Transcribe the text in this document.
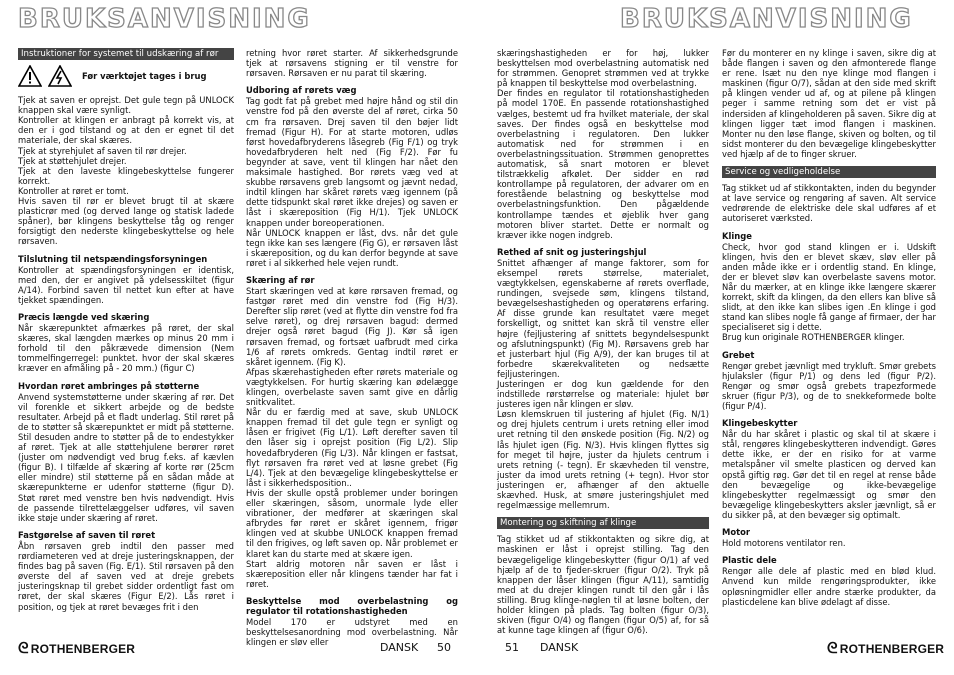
BRUKSANVISNING	BRUKSANVISNING
Instruktioner for systemet til udskæring af rør
Før værktøjet tages i brug

Tjek at saven er oprejst. Det gule tegn på UNLOCK knappen skal være synligt.
Kontroller at klingen er anbragt på korrekt vis, at den er i god tilstand og at den er egnet til det materiale, der skal skæres.
Tjek at styrehjulet af saven til rør drejer.
Tjek at støttehjulet drejer.
Tjek at den laveste klingebeskyttelse fungerer korrekt.
Kontroller at røret er tomt.
Hvis saven til rør er blevet brugt til at skære plasticrør med (og derved lange og statisk ladede spåner), bør klingens beskyttelse tåg og renger forsigtigt den nederste klingebeskyttelse og hele rørsaven.

Tilslutning til netspændingsforsyningen

Kontroller at spændingsforsyningen er identisk, med den, der er angivet på ydelsesskiltet (figur A/14). Forbind saven til nettet kun efter at have tjekket spændingen.

Præcis længde ved skæring

Når skærepunktet afmærkes på røret, der skal skæres, skal længden mærkes op minus 20 mm i forhold til den påkrævede dimension (Nem tommelfingerregel: punktet. hvor der skal skæres kræver en afmåling på - 20 mm.) (figur C)

Hvordan røret ambringes på støtterne

Anvend systemstøtterne under skæring af rør. Det vil forenkle et sikkert arbejde og de bedste resultater. Arbejd på et fladt underlag. Stil røret på de to støtter så skærepunktet er midt på støtterne. Stil desuden andre to støtter på de to endestykker af røret. Tjek at alle støttehjulene berører røret (juster om nødvendigt ved brug f.eks. af kævlen (figur B). I tilfælde af skæring af korte rør (25cm eller mindre) stil støtterne på en sådan måde at skærepunkterne er udenfor støtterne (figur D). Støt røret med venstre ben hvis nødvendigt. Hvis de passende tilrettelæggelser udføres, vil saven ikke støje under skæring af røret.

Fastgørelse af saven til røret

Åbn rørsaven greb indtil den passer med rørdiameteren ved at dreje justeringsknappen, der findes bag på saven (Fig. E/1). Stil rørsaven på den øverste del af saven ved at dreje grebets justeringsknap til grebet sidder ordentligt fast om røret, der skal skæres (Figur E/2). Lås røret i position, og tjek at røret bevæges frit i den

retning hvor røret starter. Af sikkerhedsgrunde tjek at rørsavens stigning er til venstre for rørsaven. Rørsaven er nu parat til skæring.

Udboring af rørets væg

Tag godt fat på grebet med højre hånd og stil din venstre fod på den øverste del af røret, cirka 50 cm fra rørsaven. Drej saven til den bøjer lidt fremad (Figur H). For at starte motoren, udløs først hovedafbryderens låsegreb (Fig F/1) og tryk hovedafbryderen helt ned (Fig F/2). Før fu begynder at save, vent til klingen har nået den maksimale hastighed. Bor rørets væg ved at skubbe rørsavens greb langsomt og jævnt nedad, indtil klingen har skåret rørets væg igennem (på dette tidspunkt skal røret ikke drejes) og saven er låst i skæreposition (Fig H/1). Tjek UNLOCK knappen under boreoperationen.
Når UNLOCK knappen er låst, dvs. når det gule tegn ikke kan ses længere (Fig G), er rørsaven låst i skæreposition, og du kan derfor begynde at save røret i al sikkerhed hele vejen rundt.

Skæring af rør

Start skæringen ved at køre rørsaven fremad, og fastgør røret med din venstre fod (Fig H/3). Derefter slip røret (ved at flytte din venstre fod fra selve røret), og drej rørsaven bagud: dermed drejer også røret bagud (Fig J). Kør så igen rørsaven fremad, og fortsæt uafbrudt med cirka 1/6 af rørets omkreds. Gentag indtil røret er skåret igennem. (Fig K).
Afpas skærehastigheden efter rørets materiale og vægtykkelsen. For hurtig skæring kan ødelægge klingen, overbelaste saven samt give en dårlig snitkvalitet.
Når du er færdig med at save, skub UNLOCK knappen fremad til det gule tegn er synligt og låsen er frigivet (Fig L/1). Løft derefter saven til den låser sig i oprejst position (Fig L/2). Slip hovedafbryderen (Fig L/3). Når klingen er fastsat, flyt rørsaven fra røret ved at løsne grebet (Fig L/4). Tjek at den bevægelige klingebeskyttelse er låst i sikkerhedsposition..
Hvis der skulle opstå problemer under boringen eller skæringen, såsom, unormale lyde eller vibrationer, der medfører at skæringen skal afbrydes før røret er skåret igennem, frigør klingen ved at skubbe UNLOCK knappen fremad til den frigives, og løft saven op. Når problemet er klaret kan du starte med at skære igen.
Start aldrig motoren når saven er låst i skæreposition eller når klingens tænder har fat i røret.

Beskyttelse mod overbelastning og regulator til rotationshastigheden

Model 170 er udstyret med en beskyttelsesanordning mod overbelastning. Når klingen er sløv eller

skæringshastigheden er for høj, lukker beskyttelsen mod overbelastning automatisk ned for strømmen. Genopret strømmen ved at trykke på knappen til beskyttelse mod overbelastning.
Der findes en regulator til rotationshastigheden på model 170E. En passende rotationshastighed vælges, bestemt ud fra hvilket materiale, der skal saves. Der findes også en beskyttelse mod overbelastning i regulatoren. Den lukker automatisk ned for strømmen i en overbelastningssituation. Strømmen genoprettes automatisk, så snart motoren er blevet tilstrækkelig afkølet. Der sidder en rød kontrollampe på regulatoren, der advarer om en forestående belastning og beskyttelse mod overbelastningsfunktion. Den pågældende kontrollampe tændes et øjeblik hver gang motoren bliver startet. Dette er normalt og kræver ikke nogen indgreb.

Rethed af snit og justeringshjul

Snittet afhænger af mange faktorer, som for eksempel rørets størrelse, materialet, vægtykkelsen, egenskaberne af rørets overflade, rundingen, svejsede søm, klingens tilstand, bevægelseshastigheden og operatørens erfaring. Af disse grunde kan resultatet være meget forskelligt, og snittet kan skrå til venstre eller højre (fejljustering af snittets begyndelsespunkt og afslutningspunkt) (Fig M). Rørsavens greb har et justerbart hjul (Fig A/9), der kan bruges til at forbedre skærekvaliteten og nedsætte fejljusteringen.
Justeringen er dog kun gældende for den indstillede rørstørrelse og materiale: hjulet bør justeres igen når klingen er sløv.
Løsn klemskruen til justering af hjulet (Fig. N/1) og drej hjulets centrum i urets retning eller imod uret retning til den ønskede position (Fig. N/2) og lås hjulet igen (Fig. N/3). Hvis klingen flyttes sig for meget til højre, juster da hjulets centrum i urets retning (- tegn). Er skævheden til venstre, juster da imod urets retning (+ tegn). Hvor stor justeringen er, afhænger af den aktuelle skævhed. Husk, at smøre justeringshjulet med regelmæssige mellemrum.

Montering og skiftning af klinge

Tag stikket ud af stikkontakten og sikre dig, at maskinen er låst i oprejst stilling. Tag den bevægeligelige klingebeskytter (figur O/1) af ved hjælp af de to fjeder-skruer (figur O/2). Tryk på knappen der låser klingen (figur A/11), samtidig med at du drejer klingen rundt til den går i lås stilling. Brug klinge-nøglen til at løsne bolten, der holder klingen på plads. Tag bolten (figur O/3), skiven (figur O/4) og flangen (figur O/5) af, for så at kunne tage klingen af (figur O/6).

Før du monterer en ny klinge i saven, sikre dig at både flangen i saven og den afmonterede flange er rene. Isæt nu den nye klinge mod flangen i maskinen (figur O/7), sådan at den side med skrift på klingen vender ud af, og at pilene på klingen peger i samme retning som det er vist på indersiden af klingeholderen på saven. Sikre dig at klingen ligger tæt imod flangen i maskinen. Monter nu den løse flange, skiven og bolten, og til sidst monterer du den bevægelige klingebeskytter ved hjælp af de to finger skruer.

Service og vedligeholdelse

Tag stikket ud af stikkontakten, inden du begynder at lave service og rengøring af saven. Alt service vedrørende de elektriske dele skal udføres af et autoriseret værksted.

Klinge

Check, hvor god stand klingen er i. Udskift klingen, hvis den er blevet skæv, sløv eller på anden måde ikke er i ordentlig stand. En klinge, der er blevet sløv kan overbelaste savens motor. Når du mærker, at en klinge ikke længere skærer korrekt, skift da klingen, da den ellers kan blive så slidt, at den ikke kan slibes igen .En klinge i god stand kan slibes nogle få gange af firmaer, der har specialiseret sig i dette.
Brug kun originale ROTHENBERGER klinger.

Grebet

Rengør grebet jævnligt med trykluft. Smør grebets hjulaksler (figur P/1) og dens led (figur P/2). Rengør og smør også grebets trapezformede skruer (figur P/3), og de to snekkeformede bolte (figur P/4).

Klingebeskytter

Når du har skåret i plastic og skal til at skære i stål, rengøres klingebeskytteren indvendigt. Gøres dette ikke, er der en risiko for at varme metalspåner vil smelte plasticen og derved kan opstå giftig røg. Gør det til en regel at rense både den bevægelige og ikke-bevægelige klingebeskytter regelmæssigt og smør den bevægelige klingebeskytters aksler jævnligt, så er du sikker på, at den bevæger sig optimalt.

Motor

Hold motorens ventilator ren.

Plastic dele

Rengør alle dele af plastic med en blød klud. Anvend kun milde rengøringsprodukter, ikke opløsningmidler eller andre stærke produkter, da plasticdelene kan blive ødelagt af disse.

ᘓ ROTHENBERGER	DANSK 50	51 DANSK	ᘓ ROTHENBERGER
